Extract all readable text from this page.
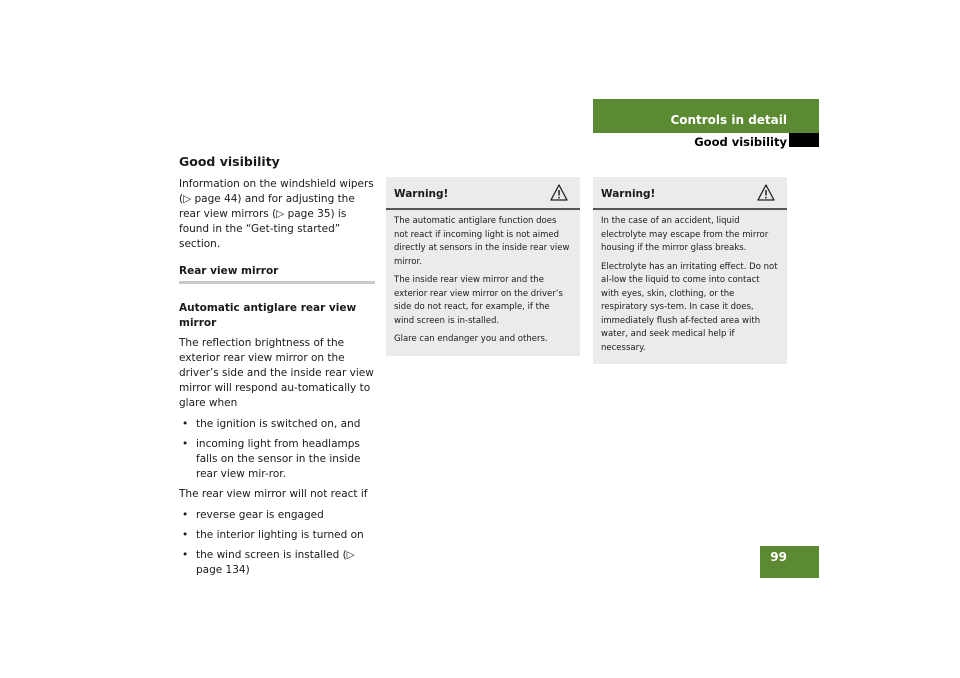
Controls in detail
Good visibility
Good visibility
Information on the windshield wipers (▷ page 44) and for adjusting the rear view mirrors (▷ page 35) is found in the “Get-ting started” section.
Rear view mirror
Automatic antiglare rear view mirror
The reflection brightness of the exterior rear view mirror on the driver’s side and the inside rear view mirror will respond au-tomatically to glare when
• the ignition is switched on, and
• incoming light from headlamps falls on the sensor in the inside rear view mir-ror.
The rear view mirror will not react if
• reverse gear is engaged
• the interior lighting is turned on
• the wind screen is installed (▷ page 134)
Warning!
The automatic antiglare function does not react if incoming light is not aimed directly at sensors in the inside rear view mirror.
The inside rear view mirror and the exterior rear view mirror on the driver’s side do not react, for example, if the wind screen is in-stalled.
Glare can endanger you and others.
Warning!
In the case of an accident, liquid electrolyte may escape from the mirror housing if the mirror glass breaks.
Electrolyte has an irritating effect. Do not al-low the liquid to come into contact with eyes, skin, clothing, or the respiratory sys-tem. In case it does, immediately flush af-fected area with water, and seek medical help if necessary.
99
